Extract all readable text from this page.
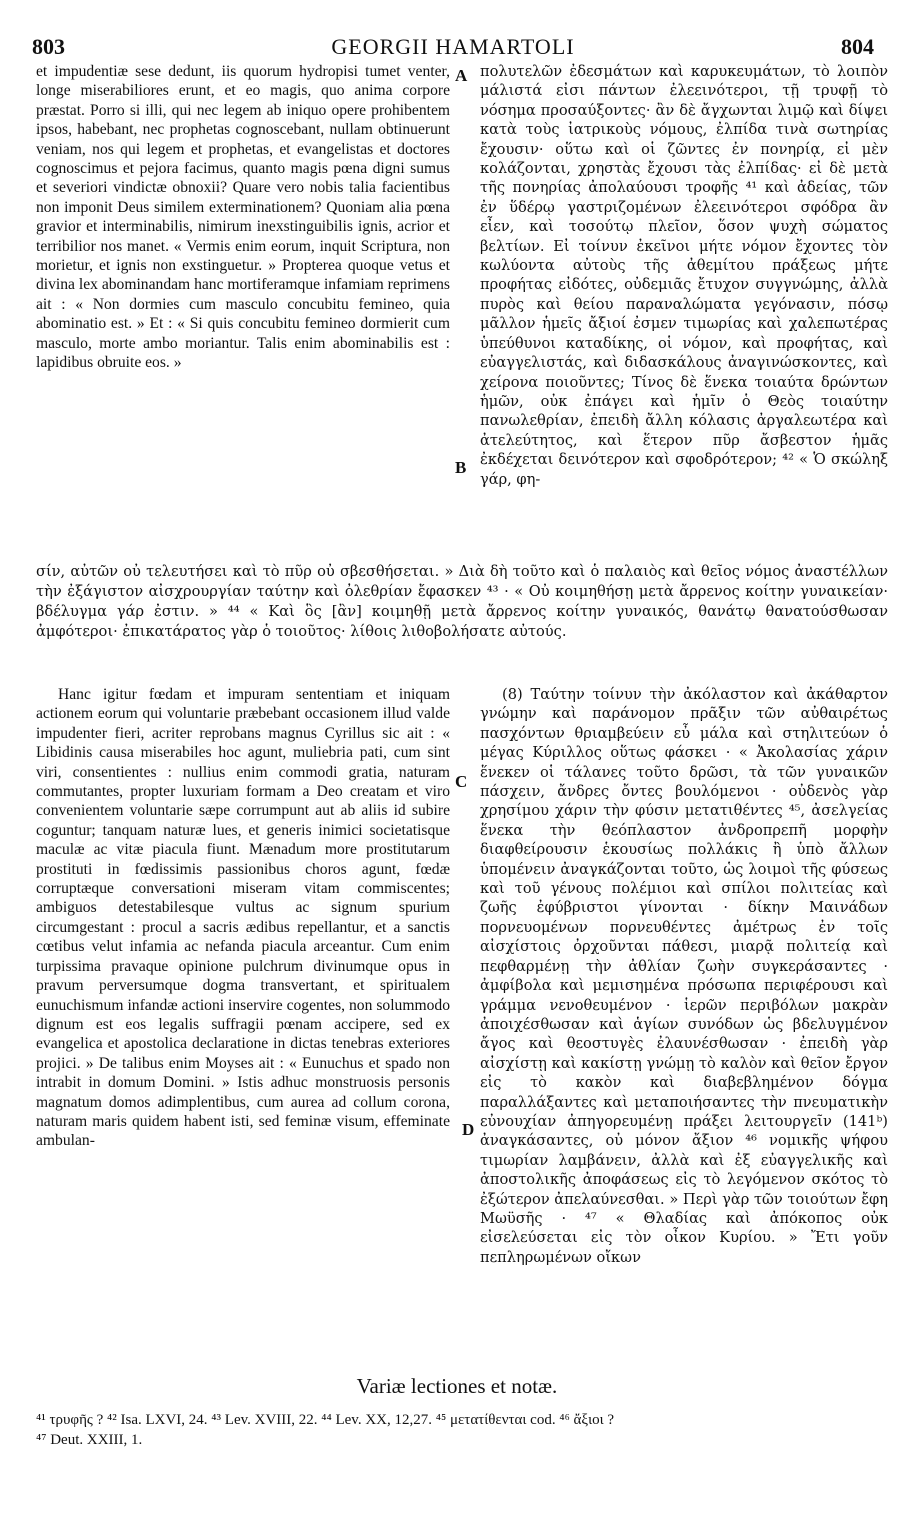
803	GEORGII HAMARTOLI	804

et impudentiæ sese dedunt, iis quorum hydropisi tumet venter, longe miserabiliores erunt, et eo magis, quo anima corpore præstat. Porro si illi, qui nec legem ab iniquo opere prohibentem ipsos, habebant, nec prophetas cognoscebant, nullam obtinuerunt veniam, nos qui legem et prophetas, et evangelistas et doctores cognoscimus et pejora facimus, quanto magis pœna digni sumus et severiori vindictæ obnoxii? Quare vero nobis talia facientibus non imponit Deus similem exterminationem? Quoniam alia pœna gravior et interminabilis, nimirum inexstinguibilis ignis, acrior et terribilior nos manet. « Vermis enim eorum, inquit Scriptura, non morietur, et ignis non exstinguetur. » Propterea quoque vetus et divina lex abominandam hanc mortiferamque infamiam reprimens ait : « Non dormies cum masculo concubitu femineo, quia abominatio est. » Et : « Si quis concubitu femineo dormierit cum masculo, morte ambo moriantur. Talis enim abominabilis est : lapidibus obruite eos. »

πολυτελῶν ἐδεσμάτων καὶ καρυκευμάτων, τὸ λοιπὸν μάλιστά εἰσι πάντων ἐλεεινότεροι, τῇ τρυφῇ τὸ νόσημα προσαύξοντες· ἂν δὲ ἄγχωνται λιμῷ καὶ δίψει κατὰ τοὺς ἰατρικοὺς νόμους, ἐλπίδα τινὰ σωτηρίας ἔχουσιν· οὕτω καὶ οἱ ζῶντες ἐν πονηρίᾳ, εἰ μὲν κολάζονται, χρηστὰς ἔχουσι τὰς ἐλπίδας· εἰ δὲ μετὰ τῆς πονηρίας ἀπολαύουσι τροφῆς ⁴¹ καὶ ἀδείας, τῶν ἐν ὕδέρῳ γαστριζομένων ἐλεεινότεροι σφόδρα ἂν εἶεν, καὶ τοσούτῳ πλεῖον, ὅσον ψυχὴ σώματος βελτίων. Εἰ τοίνυν ἐκεῖνοι μήτε νόμον ἔχοντες τὸν κωλύοντα αὐτοὺς τῆς ἀθεμίτου πράξεως μήτε προφήτας εἰδότες, οὐδεμιᾶς ἔτυχον συγγνώμης, ἀλλὰ πυρὸς καὶ θείου παραναλώματα γεγόνασιν, πόσῳ μᾶλλον ἡμεῖς ἄξιοί ἐσμεν τιμωρίας καὶ χαλεπωτέρας ὑπεύθυνοι καταδίκης, οἱ νόμον, καὶ προφήτας, καὶ εὐαγγελιστάς, καὶ διδασκάλους ἀναγινώσκοντες, καὶ χείρονα ποιοῦντες; Τίνος δὲ ἕνεκα τοιαύτα δρώντων ἡμῶν, οὐκ ἐπάγει καὶ ἡμῖν ὁ Θεὸς τοιαύτην πανωλεθρίαν, ἐπειδὴ ἄλλη κόλασις ἀργαλεωτέρα καὶ ἀτελεύτητος, καὶ ἕτερον πῦρ ἄσβεστον ἡμᾶς ἐκδέχεται δεινότερον καὶ σφοδρότερον; ⁴² « Ὁ σκώληξ γάρ, φη-

A
B
C
D

σίν, αὐτῶν οὐ τελευτήσει καὶ τὸ πῦρ οὐ σβεσθήσεται. » Διὰ δὴ τοῦτο καὶ ὁ παλαιὸς καὶ θεῖος νόμος ἀναστέλλων τὴν ἐξάγιστον αἰσχρουργίαν ταύτην καὶ ὀλεθρίαν ἔφασκεν ⁴³ · « Οὐ κοιμηθήσῃ μετὰ ἄρρενος κοίτην γυναικείαν· βδέλυγμα γάρ ἐστιν. » ⁴⁴ « Καὶ ὃς [ἂν] κοιμηθῇ μετὰ ἄρρενος κοίτην γυναικός, θανάτῳ θανατούσθωσαν ἀμφότεροι· ἐπικατάρατος γὰρ ὁ τοιοῦτος· λίθοις λιθοβολήσατε αὐτούς.

Hanc igitur fœdam et impuram sententiam et iniquam actionem eorum qui voluntarie præbebant occasionem illud valde impudenter fieri, acriter reprobans magnus Cyrillus sic ait : « Libidinis causa miserabiles hoc agunt, muliebria pati, cum sint viri, consentientes : nullius enim commodi gratia, naturam commutantes, propter luxuriam formam a Deo creatam et viro convenientem voluntarie sæpe corrumpunt aut ab aliis id subire coguntur; tanquam naturæ lues, et generis inimici societatisque maculæ ac vitæ piacula fiunt. Mænadum more prostitutarum prostituti in fœdissimis passionibus choros agunt, fœdæ corruptæque conversationi miseram vitam commiscentes; ambiguos detestabilesque vultus ac signum spurium circumgestant : procul a sacris ædibus repellantur, et a sanctis cœtibus velut infamia ac nefanda piacula arceantur. Cum enim turpissima pravaque opinione pulchrum divinumque opus in pravum perversumque dogma transvertant, et spiritualem eunuchismum infandæ actioni inservire cogentes, non solummodo dignum est eos legalis suffragii pœnam accipere, sed ex evangelica et apostolica declaratione in dictas tenebras exteriores projici. » De talibus enim Moyses ait : « Eunuchus et spado non intrabit in domum Domini. » Istis adhuc monstruosis personis magnatum domos adimplentibus, cum aurea ad collum corona, naturam maris quidem habent isti, sed feminæ visum, effeminate ambulan-

(8) Ταύτην τοίνυν τὴν ἀκόλαστον καὶ ἀκάθαρτον γνώμην καὶ παράνομον πρᾶξιν τῶν αὐθαιρέτως πασχόντων θριαμβεύειν εὖ μάλα καὶ στηλιτεύων ὁ μέγας Κύριλλος οὕτως φάσκει · « Ἀκολασίας χάριν ἕνεκεν οἱ τάλανες τοῦτο δρῶσι, τὰ τῶν γυναικῶν πάσχειν, ἄνδρες ὄντες βουλόμενοι · οὐδενὸς γὰρ χρησίμου χάριν τὴν φύσιν μετατιθέντες ⁴⁵, ἀσελγείας ἕνεκα τὴν θεόπλαστον ἀνδροπρεπῆ μορφὴν διαφθείρουσιν ἑκουσίως πολλάκις ἢ ὑπὸ ἄλλων ὑπομένειν ἀναγκάζονται τοῦτο, ὡς λοιμοὶ τῆς φύσεως καὶ τοῦ γένους πολέμιοι καὶ σπίλοι πολιτείας καὶ ζωῆς ἐφύβριστοι γίνονται · δίκην Μαινάδων πορνευομένων πορνευθέντες ἀμέτρως ἐν τοῖς αἰσχίστοις ὀρχοῦνται πάθεσι, μιαρᾷ πολιτείᾳ καὶ πεφθαρμένῃ τὴν ἀθλίαν ζωὴν συγκεράσαντες · ἀμφίβολα καὶ μεμισημένα πρόσωπα περιφέρουσι καὶ γράμμα νενοθευμένον · ἱερῶν περιβόλων μακρὰν ἀποιχέσθωσαν καὶ ἁγίων συνόδων ὡς βδελυγμένον ἄγος καὶ θεοστυγὲς ἐλαυνέσθωσαν · ἐπειδὴ γὰρ αἰσχίστῃ καὶ κακίστῃ γνώμῃ τὸ καλὸν καὶ θεῖον ἔργον εἰς τὸ κακὸν καὶ διαβεβλημένον δόγμα παραλλάξαντες καὶ μεταποιήσαντες τὴν πνευματικὴν εὐνουχίαν ἀπηγορευμένῃ πράξει λειτουργεῖν (141ᵇ) ἀναγκάσαντες, οὐ μόνον ἄξιον ⁴⁶ νομικῆς ψήφου τιμωρίαν λαμβάνειν, ἀλλὰ καὶ ἐξ εὐαγγελικῆς καὶ ἀποστολικῆς ἀποφάσεως εἰς τὸ λεγόμενον σκότος τὸ ἐξώτερον ἀπελαύνεσθαι. » Περὶ γὰρ τῶν τοιούτων ἔφη Μωϋσῆς · ⁴⁷ « Θλαδίας καὶ ἀπόκοπος οὐκ εἰσελεύσεται εἰς τὸν οἶκον Κυρίου. » Ἔτι γοῦν πεπληρωμένων οἴκων

Variæ lectiones et notæ.

⁴¹ τρυφῆς ? ⁴² Isa. LXVI, 24. ⁴³ Lev. XVIII, 22. ⁴⁴ Lev. XX, 12,27. ⁴⁵ μετατίθενται cod. ⁴⁶ ἄξιοι ?

⁴⁷ Deut. XXIII, 1.
